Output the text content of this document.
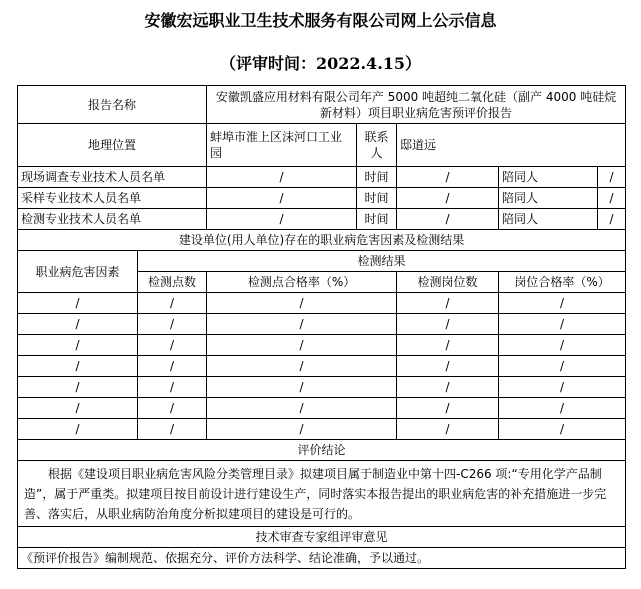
安徽宏远职业卫生技术服务有限公司网上公示信息
（评审时间：2022.4.15）
报告名称		安徽凯盛应用材料有限公司年产 5000 吨超纯二氧化硅（副产 4000 吨硅烷新材料）项目职业病危害预评价报告				
地理位置		蚌埠市淮上区沫河口工业园	联系人	邸道远		
现场调查专业技术人员名单		/	时间	/	陪同人	/
采样专业技术人员名单		/	时间	/	陪同人	/
检测专业技术人员名单		/	时间	/	陪同人	/
建设单位(用人单位)存在的职业病危害因素及检测结果						
职业病危害因素	检测结果					
	检测点数	检测点合格率（%）		检测岗位数	岗位合格率（%）	
/	/	/		/	/	
/	/	/		/	/	
/	/	/		/	/	
/	/	/		/	/	
/	/	/		/	/	
/	/	/		/	/	
/	/	/		/	/	
评价结论						
根据《建设项目职业病危害风险分类管理目录》拟建项目属于制造业中第十四-C266 项:“专用化学产品制造”，属于严重类。拟建项目按目前设计进行建设生产，同时落实本报告提出的职业病危害的补充措施进一步完善、落实后，从职业病防治角度分析拟建项目的建设是可行的。						
技术审查专家组评审意见						
《预评价报告》编制规范、依据充分、评价方法科学、结论准确，予以通过。						
